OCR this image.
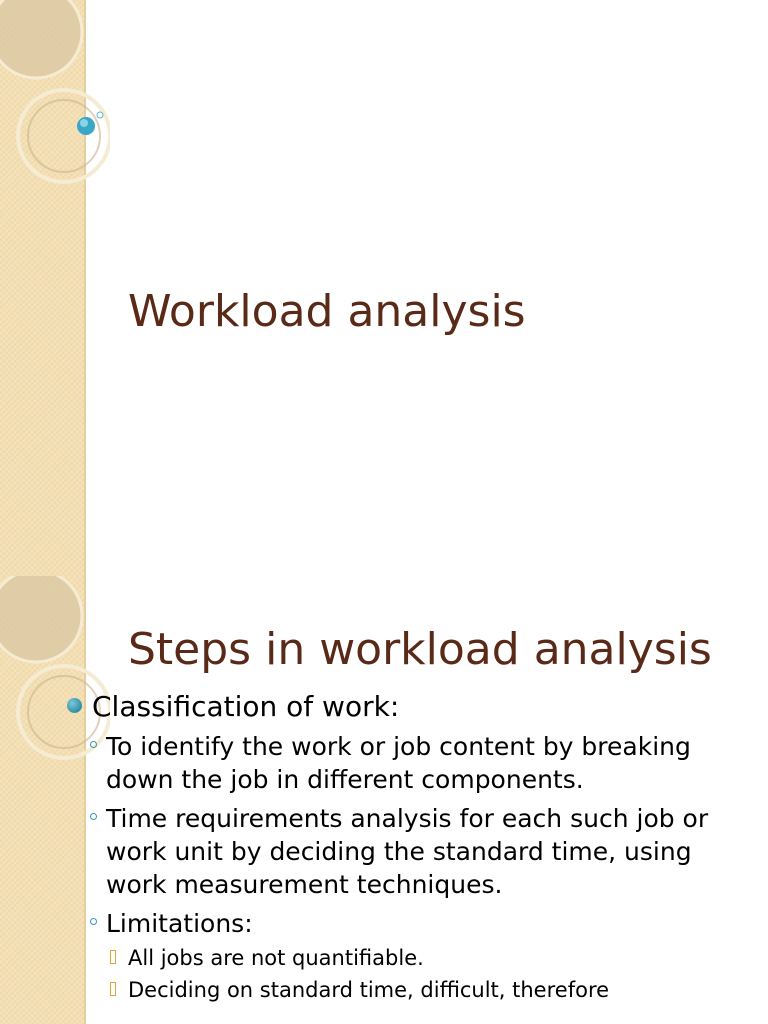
Workload analysis
Steps in workload analysis
Classification of work:
To identify the work or job content by breaking down the job in different components.
Time requirements analysis for each such job or work unit by deciding the standard time, using work measurement techniques.
Limitations:
All jobs are not quantifiable.
Deciding on standard time, difficult, therefore
